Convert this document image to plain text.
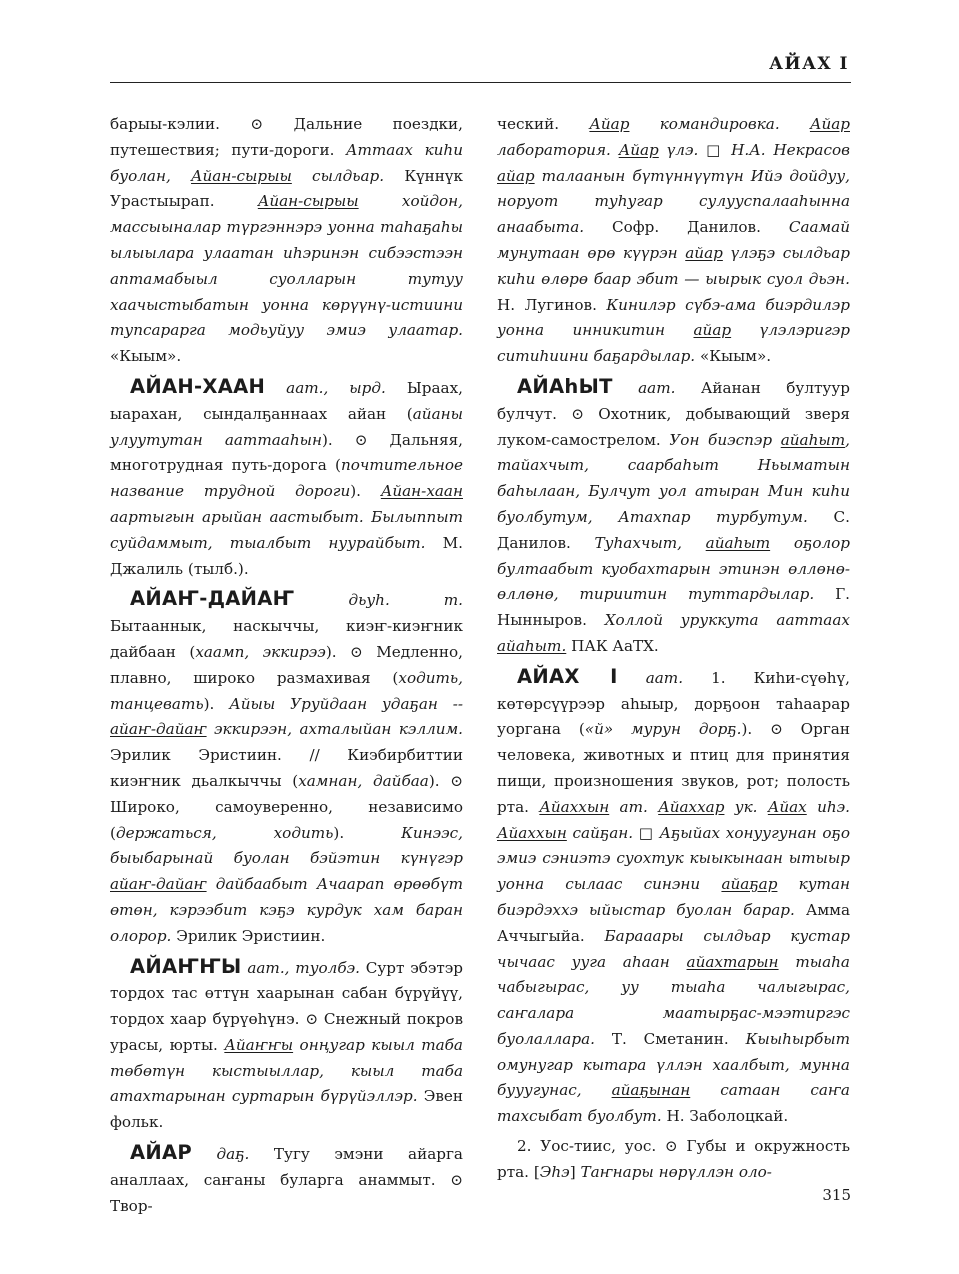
АЙАХ I

барыы-кэлии. ⊙ Дальние поездки, путешествия; пути-дороги. Аттаах киhи буолан, Айан-сырыы сылдьар. Күннүк Урастыырап. Айан-сырыы хойдон, массыыналар түргэннэрэ уонна таhаҕаhы ылыылара улаатан иhэринэн сибээстээн аптамабыыл суолларын тутуу хаачыстыбатын уонна көрүүнү-истиини тупсарарга модьуйуу эмиэ улаатар. «Кыым».

АЙАН-ХААН аат., ырд. Ыраах, ыарахан, сындалҕаннаах айан (айаны улуутутан ааттааhын). ⊙ Дальняя, многотрудная путь-дорога (почтительное название трудной дороги). Айан-хаан аартыгын арыйан аастыбыт. Былыппыт суйдаммыт, тыалбыт нуурайбыт. М. Джалиль (тылб.).

АЙАҤ-ДАЙАҤ дьуh. т. Бытааннык, наскыччы, киэҥ-киэҥник дайбаан (хаамп, эккирээ). ⊙ Медленно, плавно, широко размахивая (ходить, танцевать). Айыы Уруйдаан удаҕан -- айаҥ-дайаҥ эккирээн, ахталыйан кэллим. Эрилик Эристиин. // Киэбирбиттии киэҥник дьалкыччы (хамнан, дайбаа). ⊙ Широко, самоуверенно, независимо (держаться, ходить). Кинээс, быыбарынай буолан бэйэтин күнүгэр айаҥ-дайаҥ дайбаабыт Ачаарап өрөөбүт өтөн, кэрээбит кэҕэ курдук хам баран олорор. Эрилик Эристиин.

АЙАҤҤЫ аат., туолбэ. Сурт эбэтэр тордох тас өттүн хаарынан сабан бүрүйүү, тордох хаар бүрүөhүнэ. ⊙ Снежный покров урасы, юрты. Айаҥҥы онңугар кыыл таба төбөтүн кыстыыллар, кыыл таба атахтарынан суртарын бүрүйэллэр. Эвен фольк.

АЙАР даҕ. Тугу эмэни айарга аналлаах, саҥаны буларга анаммыт. ⊙ Твор-

ческий. Айар командировка. Айар лаборатория. Айар үлэ. □ Н.А. Некрасов айар талаанын бүтүннүүтүн Ийэ дойдуу, норуот туhугар сулууспалааhынна анаабыта. Софр. Данилов. Саамай мунутаан өрө күүрэн айар үлэҕэ сылдьар киhи өлөрө баар эбит — ыырык суол дьэн. Н. Лугинов. Кинилэр сүбэ-ама биэрдилэр уонна инникитин айар үлэлэригэр ситиhиини баҕардылар. «Кыым».

АЙАhЫТ аат. Айанан бултуур булчут. ⊙ Охотник, добывающий зверя луком-самострелом. Уон биэспэр айаhыт, тайахчыт, саарбаhыт Ньыматын баhылаан, Булчут уол атыран Мин киhи буолбутум, Атахпар турбутум. С. Данилов. Туhахчыт, айаhыт оҕолор бултаабыт куобахтарын этинэн өллөнө-өллөнө, тириитин туттардылар. Г. Нынныров. Холлой уруккута ааттаах айаhыт. ПАК АаТХ.

АЙАХ I аат. 1. Киhи-сүөhү, көтөрсүүрээр аhыыр, дорҕоон таhаарар уорганa («й» мурун дорҕ.). ⊙ Орган человека, животных и птиц для принятия пищи, произношения звуков, рот; полость рта. Айаххын ат. Айаххар ук. Айах иhэ. Айаххын сайҕан. □ Аҕыйах хонуугунан оҕо эмиэ сэниэтэ суохтук кыыкынаан ытыыр уонна сылаас синэни айаҕар кутан биэрдэххэ ыйыстар буолан барар. Амма Аччыгыйа. Барааары сылдьар кустар чычаас ууга аhаан айахтарын тыаhа чабыгырас, уу тыаhа чалыгырас, саҥалара маатырҕас-мээтиргэс буолаллара. Т. Сметанин. Кыыhырбыт омунугар кытара үллэн хаалбыт, мунна бууугунас, айаҕынан сатаан саҥа тахсыбат буолбут. Н. Заболоцкай.

2. Уос-тиис, уос. ⊙ Губы и окружность рта. [Эhэ] Таҥнары нөрүллэн оло-

315
